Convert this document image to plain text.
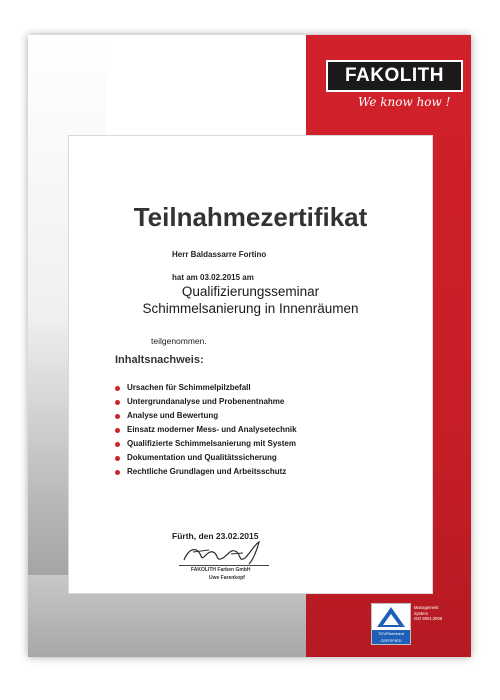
FAKOLITH
We know how !
Teilnahmezertifikat
Herr Baldassarre Fortino
hat am 03.02.2015 am
Qualifizierungsseminar
Schimmelsanierung in Innenräumen
teilgenommen.
Inhaltsnachweis:
Ursachen für Schimmelpilzbefall
Untergrundanalyse und Probenentnahme
Analyse und Bewertung
Einsatz moderner Mess- und Analysetechnik
Qualifizierte Schimmelsanierung mit System
Dokumentation und Qualitätssicherung
Rechtliche Grundlagen und Arbeitsschutz
Fürth, den 23.02.2015
FAKOLITH Farben GmbH
Uwe Farenkopf
TÜVRheinland
CERTIFIED
Management
System
ISO 9001:2008
